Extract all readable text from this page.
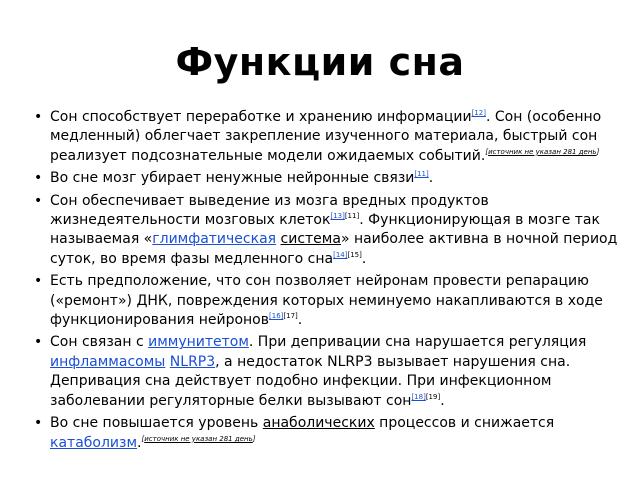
Функции сна
• Сон способствует переработке и хранению информации[12]. Сон (особенно медленный) облегчает закрепление изученного материала, быстрый сон реализует подсознательные модели ожидаемых событий.[источник не указан 281 день]
• Во сне мозг убирает ненужные нейронные связи[11].
• Сон обеспечивает выведение из мозга вредных продуктов жизнедеятельности мозговых клеток[13][11]. Функционирующая в мозге так называемая «глимфатическая система» наиболее активна в ночной период суток, во время фазы медленного сна[14][15].
• Есть предположение, что сон позволяет нейронам провести репарацию («ремонт») ДНК, повреждения которых неминуемо накапливаются в ходе функционирования нейронов[16][17].
• Сон связан с иммунитетом. При депривации сна нарушается регуляция инфламмасомы NLRP3, а недостаток NLRP3 вызывает нарушения сна. Депривация сна действует подобно инфекции. При инфекционном заболевании регуляторные белки вызывают сон[18][19].
• Во сне повышается уровень анаболических процессов и снижается катаболизм.[источник не указан 281 день]
